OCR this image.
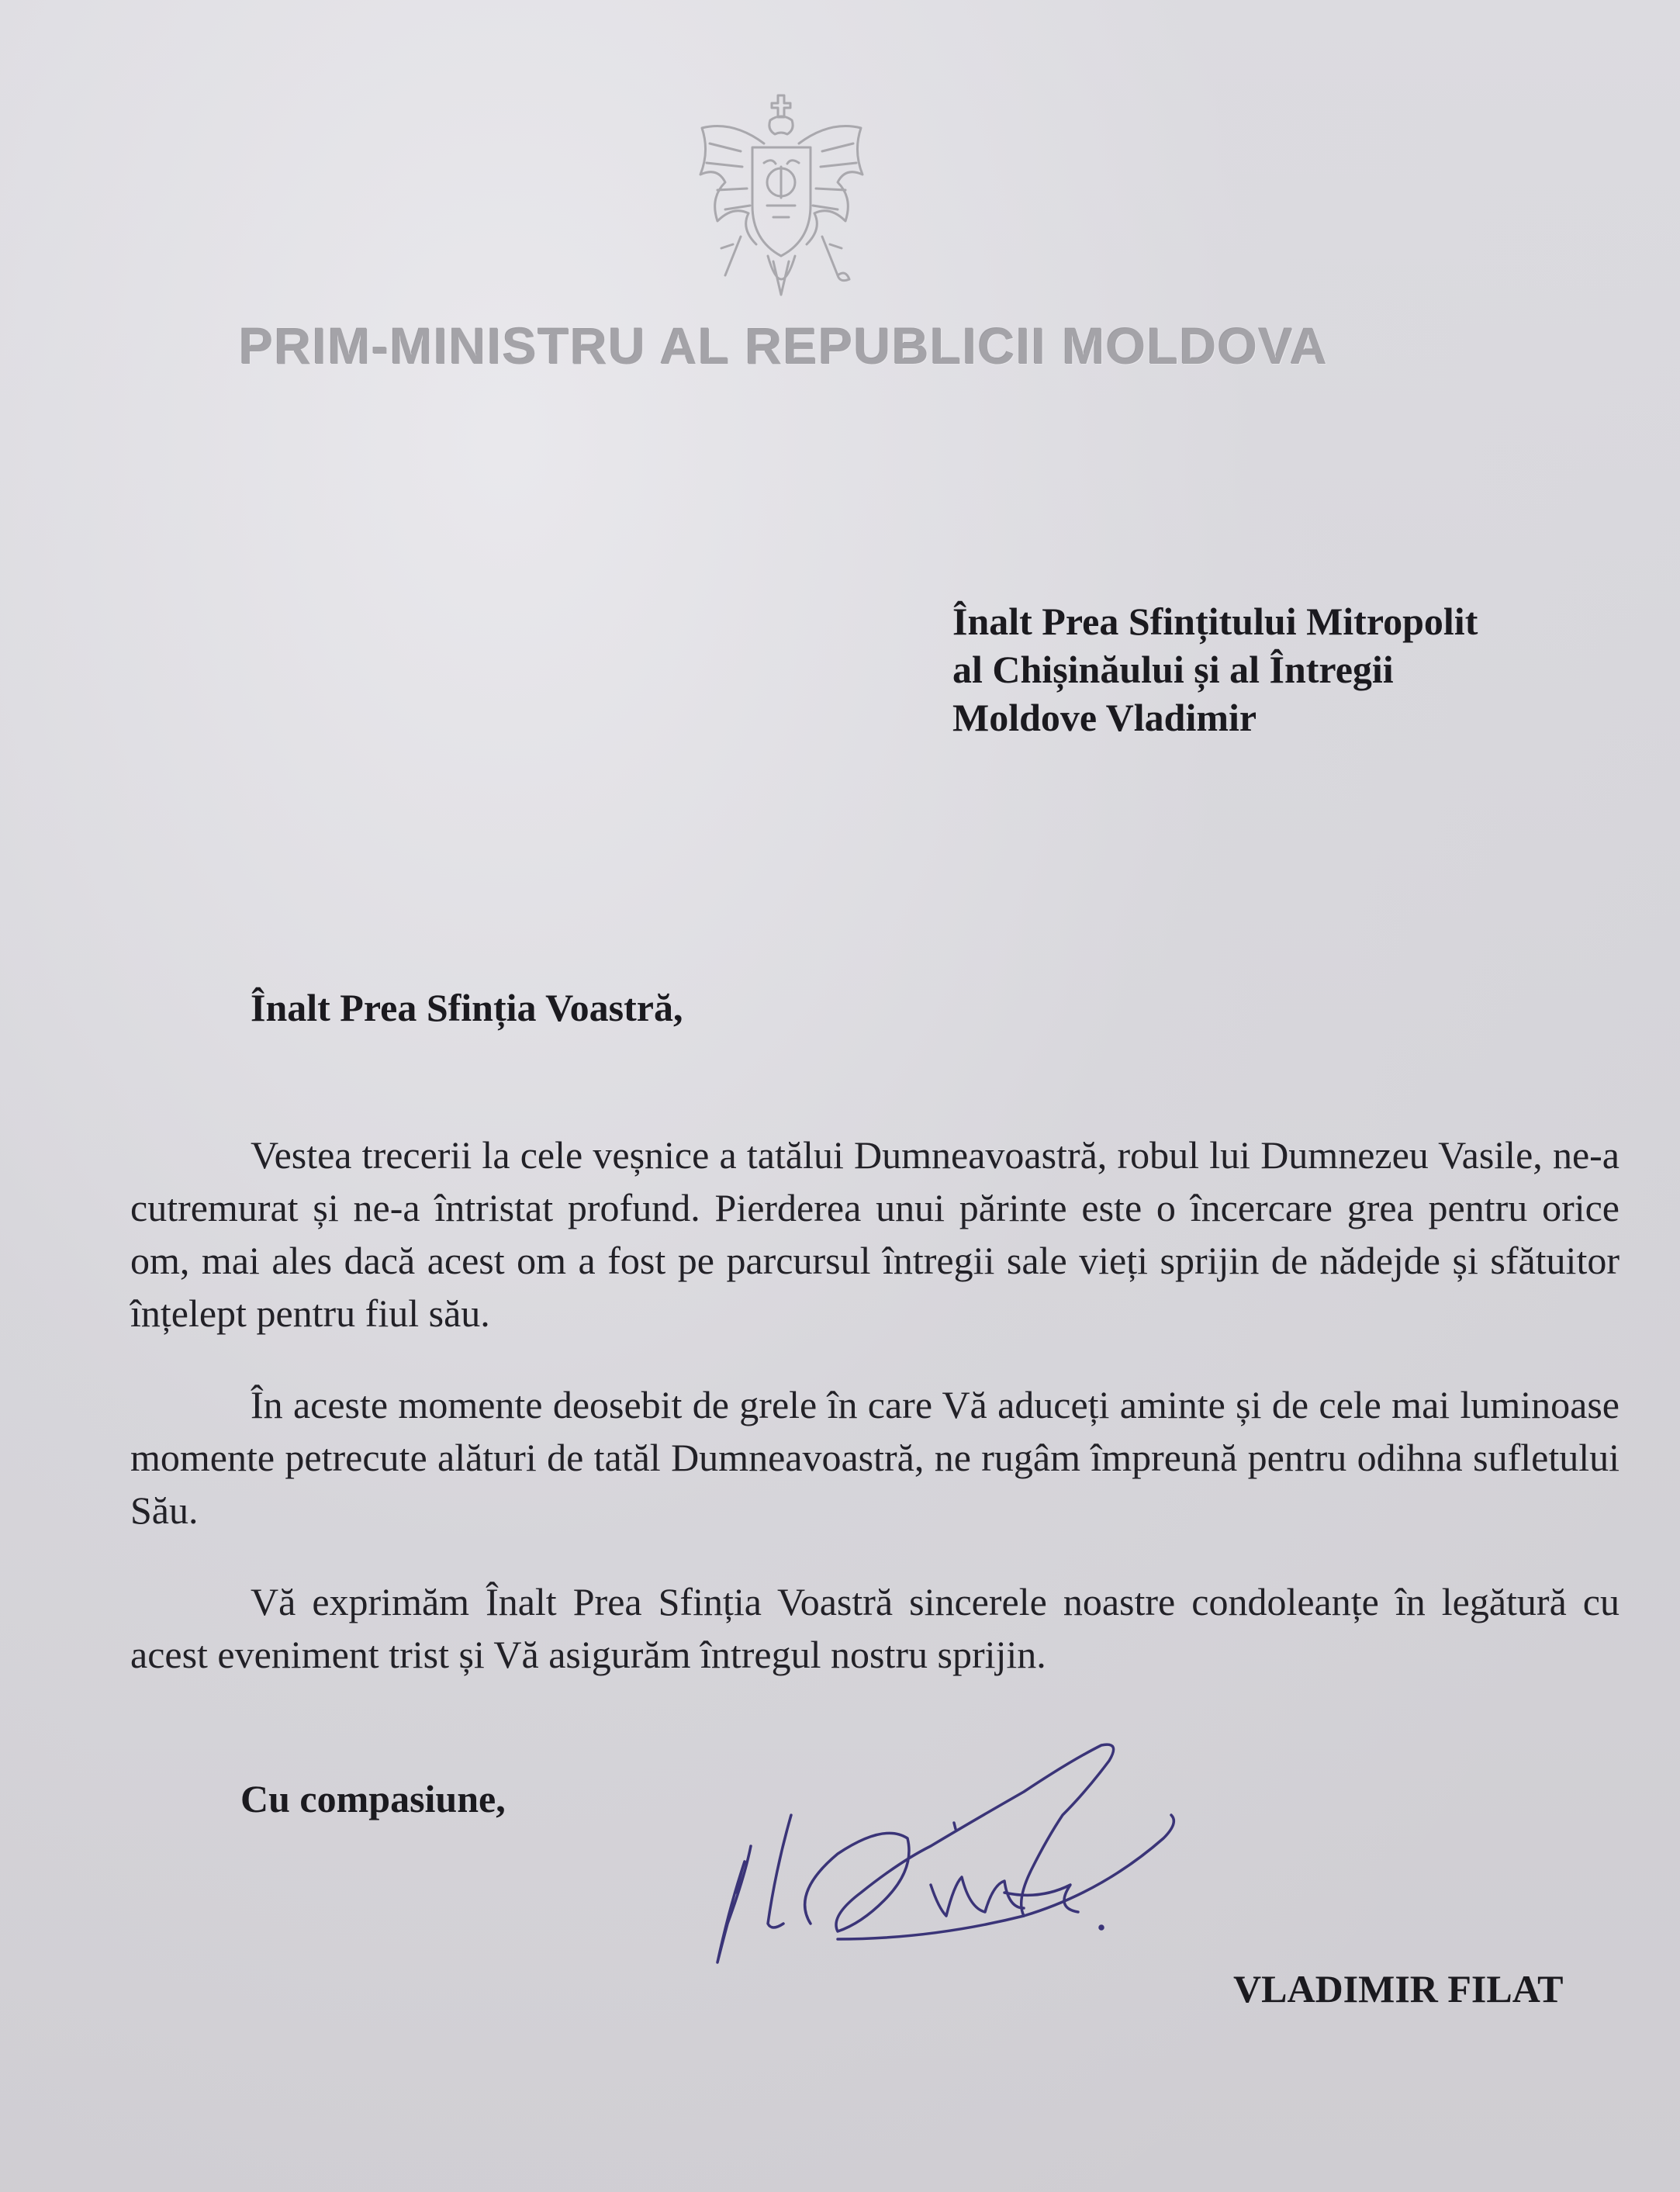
PRIM-MINISTRU AL REPUBLICII MOLDOVA
Înalt Prea Sfințitului Mitropolit
al Chișinăului și al Întregii
Moldove Vladimir
Înalt Prea Sfinția Voastră,

Vestea trecerii la cele veșnice a tatălui Dumneavoastră, robul lui Dumnezeu Vasile, ne-a cutremurat și ne-a întristat profund. Pierderea unui părinte este o încercare grea pentru orice om, mai ales dacă acest om a fost pe parcursul întregii sale vieți sprijin de nădejde și sfătuitor înțelept pentru fiul său.

În aceste momente deosebit de grele în care Vă aduceți aminte și de cele mai luminoase momente petrecute alături de tatăl Dumneavoastră, ne rugâm împreună pentru odihna sufletului Său.

Vă exprimăm Înalt Prea Sfinția Voastră sincerele noastre condoleanțe în legătură cu acest eveniment trist și Vă asigurăm întregul nostru sprijin.

Cu compasiune,
VLADIMIR FILAT
